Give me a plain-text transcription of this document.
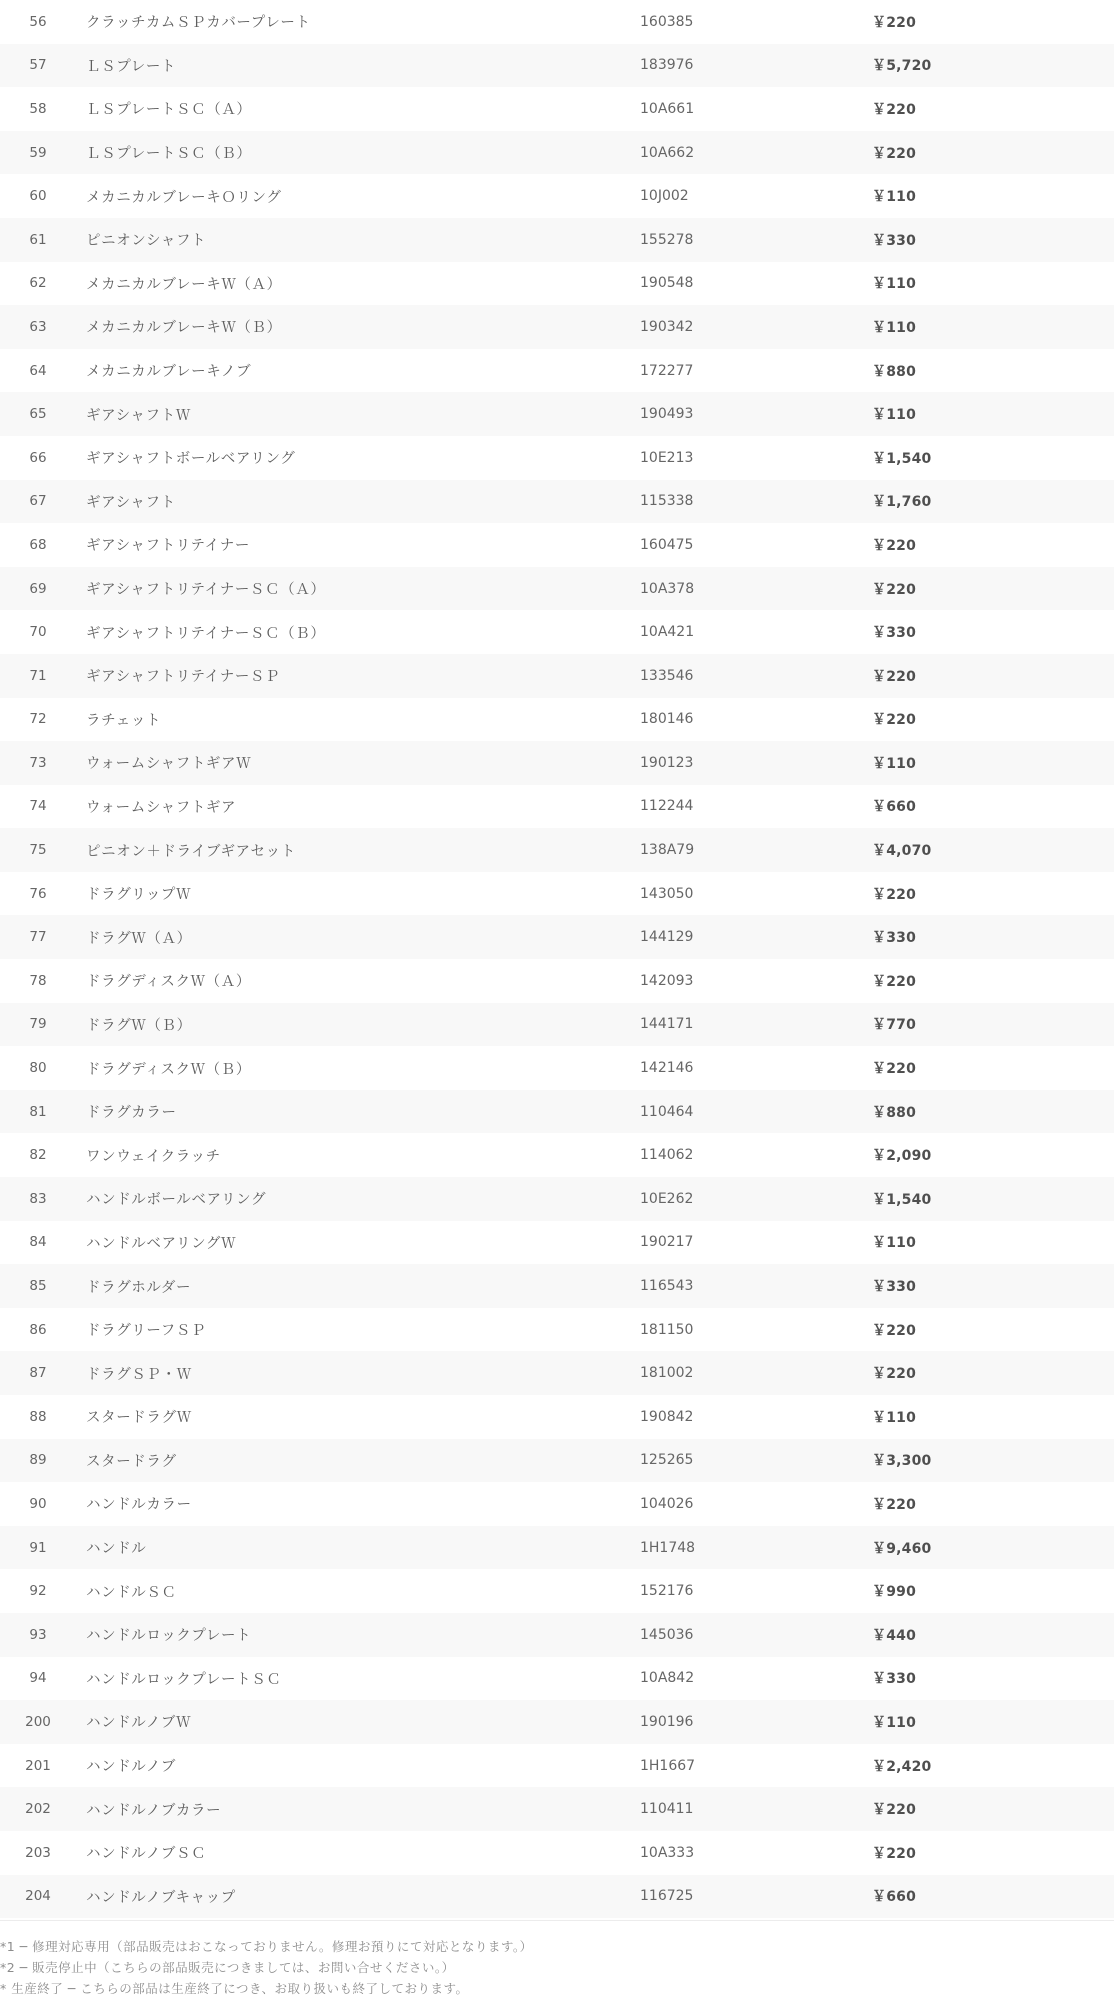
56	クラッチカムＳＰカバープレート	160385	￥220	
57	ＬＳプレート	183976	￥5,720	
58	ＬＳプレートＳＣ（Ａ）	10A661	￥220	
59	ＬＳプレートＳＣ（Ｂ）	10A662	￥220	
60	メカニカルブレーキＯリング	10J002	￥110	
61	ピニオンシャフト	155278	￥330	
62	メカニカルブレーキＷ（Ａ）	190548	￥110	
63	メカニカルブレーキＷ（Ｂ）	190342	￥110	
64	メカニカルブレーキノブ	172277	￥880	
65	ギアシャフトＷ	190493	￥110	
66	ギアシャフトボールベアリング	10E213	￥1,540	
67	ギアシャフト	115338	￥1,760	
68	ギアシャフトリテイナー	160475	￥220	
69	ギアシャフトリテイナーＳＣ（Ａ）	10A378	￥220	
70	ギアシャフトリテイナーＳＣ（Ｂ）	10A421	￥330	
71	ギアシャフトリテイナーＳＰ	133546	￥220	
72	ラチェット	180146	￥220	
73	ウォームシャフトギアＷ	190123	￥110	
74	ウォームシャフトギア	112244	￥660	
75	ピニオン＋ドライブギアセット	138A79	￥4,070	
76	ドラグリップＷ	143050	￥220	
77	ドラグＷ（Ａ）	144129	￥330	
78	ドラグディスクＷ（Ａ）	142093	￥220	
79	ドラグＷ（Ｂ）	144171	￥770	
80	ドラグディスクＷ（Ｂ）	142146	￥220	
81	ドラグカラー	110464	￥880	
82	ワンウェイクラッチ	114062	￥2,090	
83	ハンドルボールベアリング	10E262	￥1,540	
84	ハンドルベアリングＷ	190217	￥110	
85	ドラグホルダー	116543	￥330	
86	ドラグリーフＳＰ	181150	￥220	
87	ドラグＳＰ・Ｗ	181002	￥220	
88	スタードラグＷ	190842	￥110	
89	スタードラグ	125265	￥3,300	
90	ハンドルカラー	104026	￥220	
91	ハンドル	1H1748	￥9,460	
92	ハンドルＳＣ	152176	￥990	
93	ハンドルロックプレート	145036	￥440	
94	ハンドルロックプレートＳＣ	10A842	￥330	
200	ハンドルノブＷ	190196	￥110	
201	ハンドルノブ	1H1667	￥2,420	
202	ハンドルノブカラー	110411	￥220	
203	ハンドルノブＳＣ	10A333	￥220	
204	ハンドルノブキャップ	116725	￥660	
*1 ─ 修理対応専用（部品販売はおこなっておりません。修理お預りにて対応となります。）
*2 ─ 販売停止中（こちらの部品販売につきましては、お問い合せください。）
* 生産終了 ─ こちらの部品は生産終了につき、お取り扱いも終了しております。
